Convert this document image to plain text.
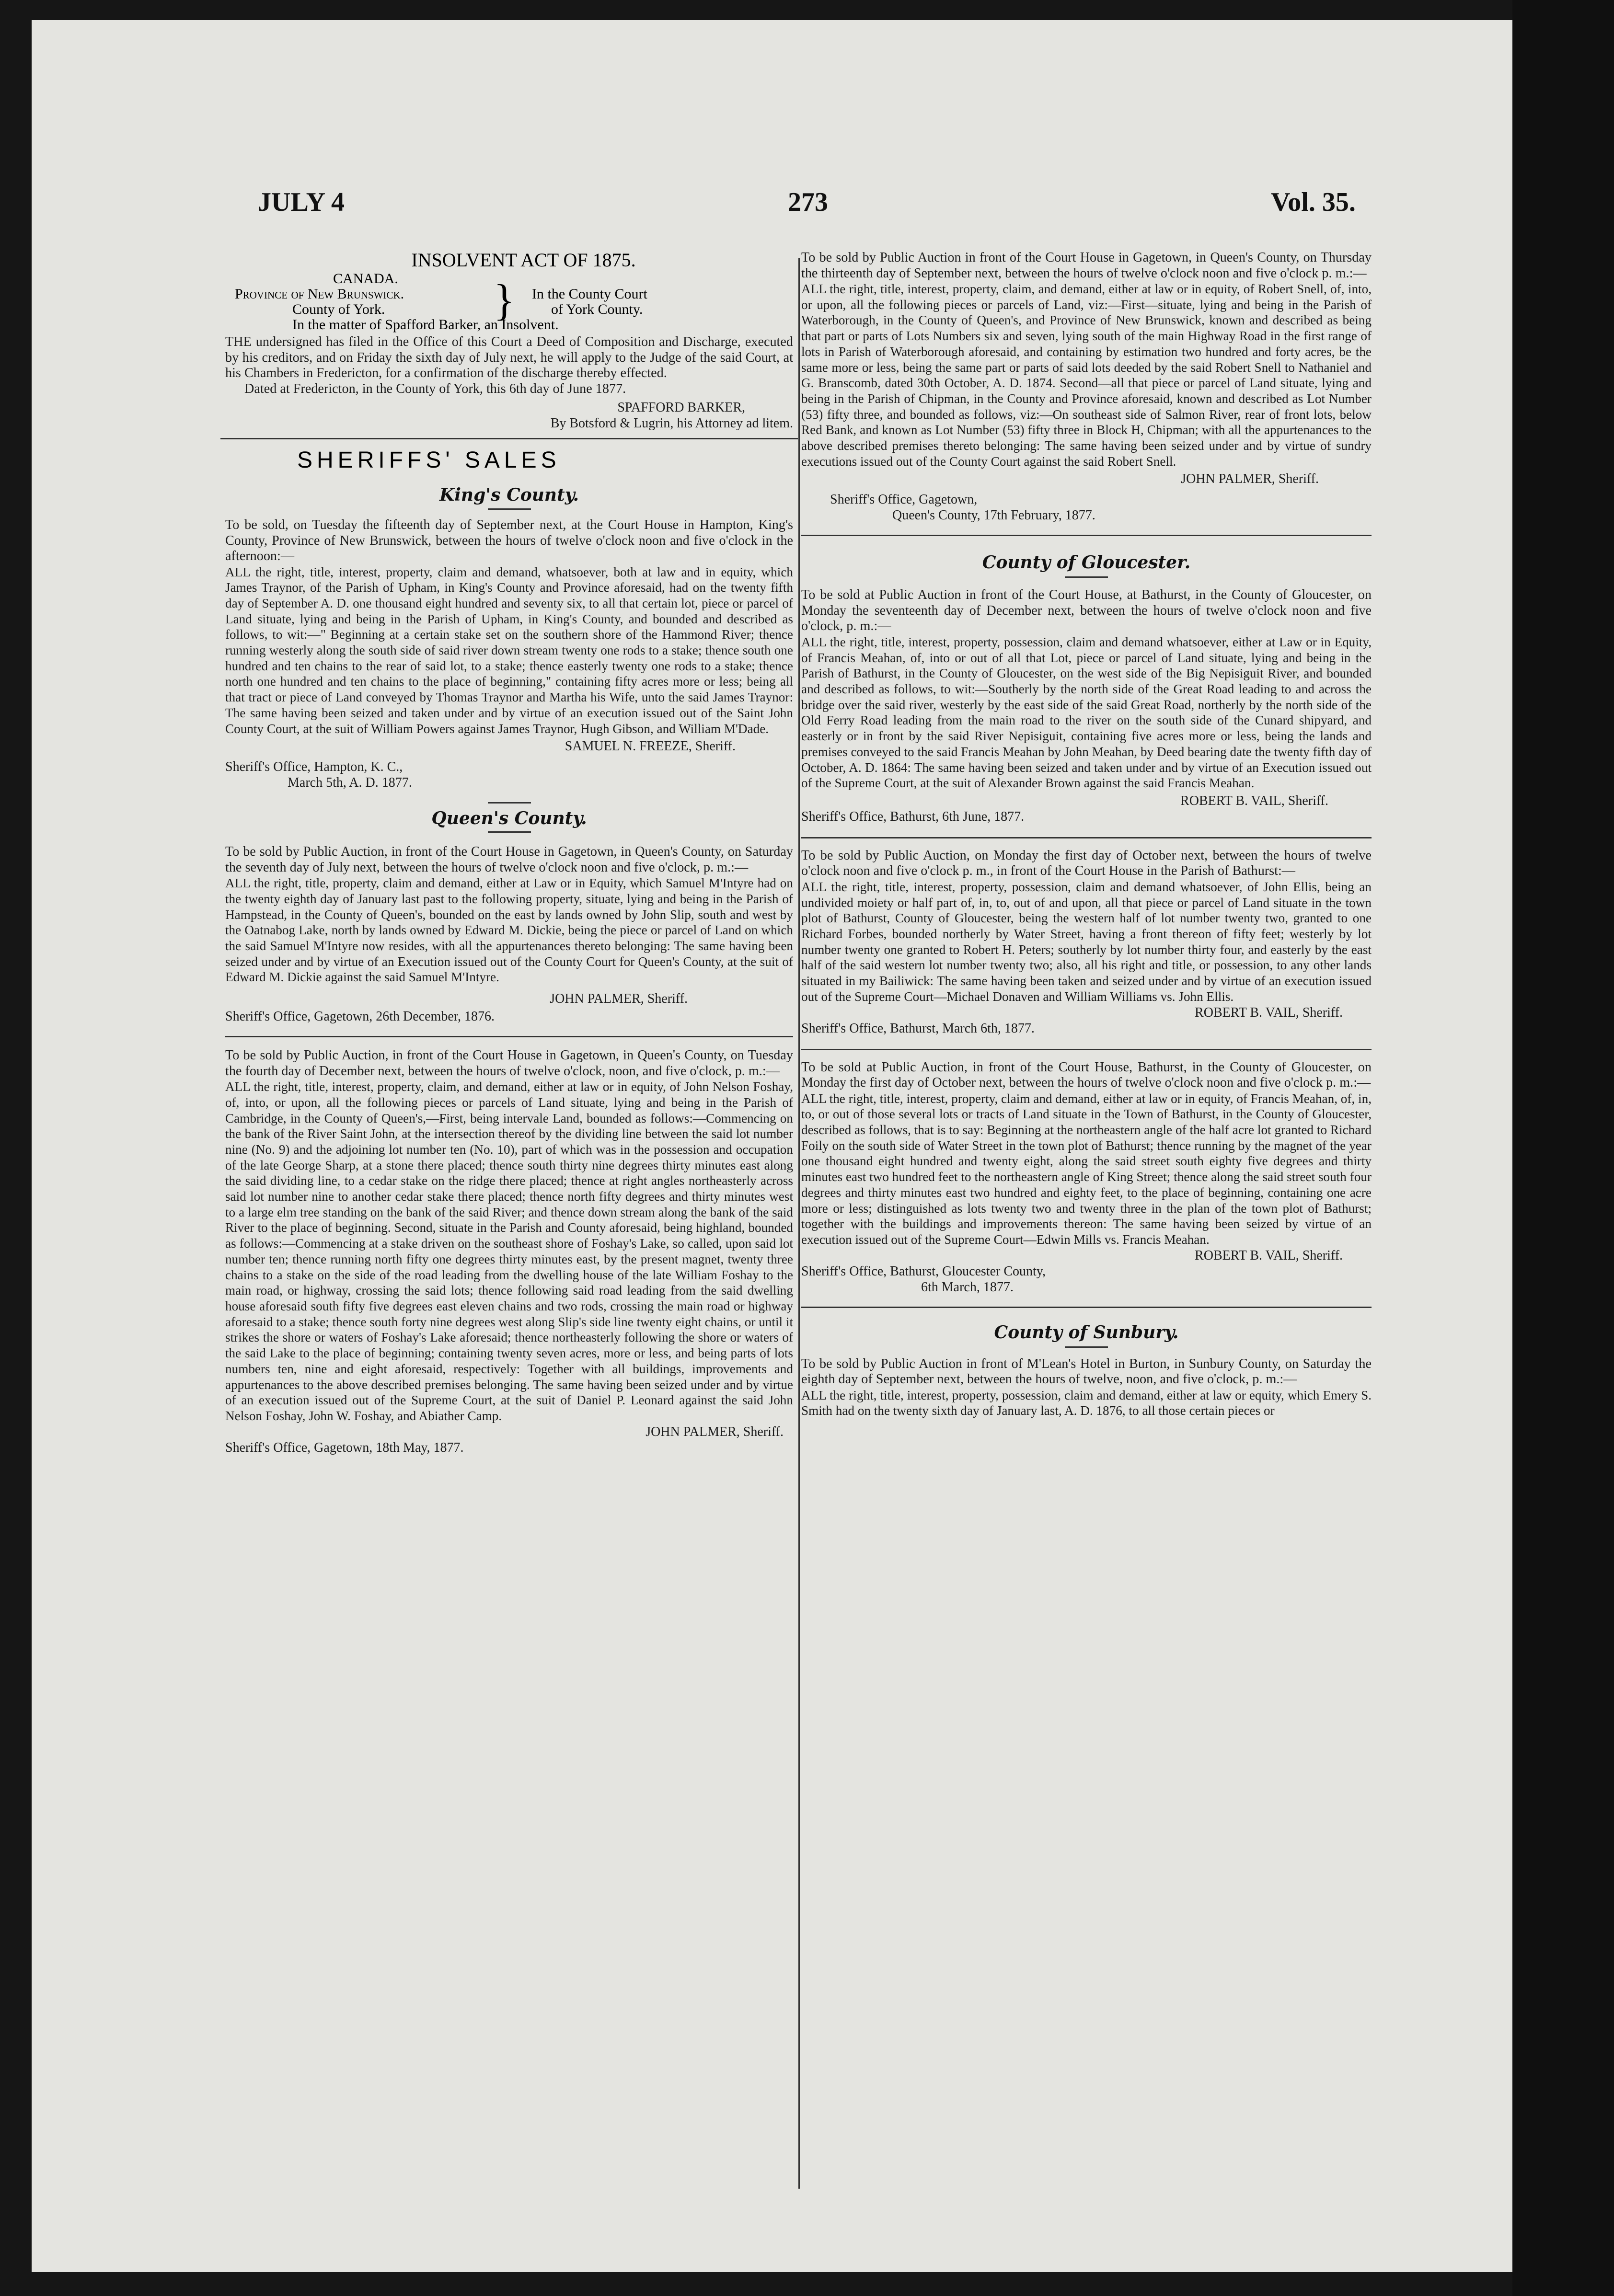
JULY 4	273	Vol. 35.
INSOLVENT ACT OF 1875.
CANADA.
Province of New Brunswick.
County of York. } In the County Court
of York County.
In the matter of Spafford Barker, an Insolvent.

THE undersigned has filed in the Office of this Court a Deed of Composition and Discharge, executed by his creditors, and on Friday the sixth day of July next, he will apply to the Judge of the said Court, at his Chambers in Fredericton, for a confirmation of the discharge thereby effected.

Dated at Fredericton, in the County of York, this 6th day of June 1877.

SPAFFORD BARKER,
By Botsford & Lugrin, his Attorney ad litem.
SHERIFFS' SALES
King's County.

To be sold, on Tuesday the fifteenth day of September next, at the Court House in Hampton, King's County, Province of New Brunswick, between the hours of twelve o'clock noon and five o'clock in the afternoon:—

ALL the right, title, interest, property, claim and demand, whatsoever, both at law and in equity, which James Traynor, of the Parish of Upham, in King's County and Province aforesaid, had on the twenty fifth day of September A. D. one thousand eight hundred and seventy six, to all that certain lot, piece or parcel of Land situate, lying and being in the Parish of Upham, in King's County, and bounded and described as follows, to wit:—" Beginning at a certain stake set on the southern shore of the Hammond River; thence running westerly along the south side of said river down stream twenty one rods to a stake; thence south one hundred and ten chains to the rear of said lot, to a stake; thence easterly twenty one rods to a stake; thence north one hundred and ten chains to the place of beginning," containing fifty acres more or less; being all that tract or piece of Land conveyed by Thomas Traynor and Martha his Wife, unto the said James Traynor: The same having been seized and taken under and by virtue of an execution issued out of the Saint John County Court, at the suit of William Powers against James Traynor, Hugh Gibson, and William M'Dade.

SAMUEL N. FREEZE, Sheriff.
Sheriff's Office, Hampton, K. C.,
March 5th, A. D. 1877.
Queen's County.

To be sold by Public Auction, in front of the Court House in Gagetown, in Queen's County, on Saturday the seventh day of July next, between the hours of twelve o'clock noon and five o'clock, p. m.:—

ALL the right, title, property, claim and demand, either at Law or in Equity, which Samuel M'Intyre had on the twenty eighth day of January last past to the following property, situate, lying and being in the Parish of Hampstead, in the County of Queen's, bounded on the east by lands owned by John Slip, south and west by the Oatnabog Lake, north by lands owned by Edward M. Dickie, being the piece or parcel of Land on which the said Samuel M'Intyre now resides, with all the appurtenances thereto belonging: The same having been seized under and by virtue of an Execution issued out of the County Court for Queen's County, at the suit of Edward M. Dickie against the said Samuel M'Intyre.

JOHN PALMER, Sheriff.
Sheriff's Office, Gagetown, 26th December, 1876.

To be sold by Public Auction, in front of the Court House in Gagetown, in Queen's County, on Tuesday the fourth day of December next, between the hours of twelve o'clock, noon, and five o'clock, p. m.:—

ALL the right, title, interest, property, claim, and demand, either at law or in equity, of John Nelson Foshay, of, into, or upon, all the following pieces or parcels of Land situate, lying and being in the Parish of Cambridge, in the County of Queen's,—First, being intervale Land, bounded as follows:—Commencing on the bank of the River Saint John, at the intersection thereof by the dividing line between the said lot number nine (No. 9) and the adjoining lot number ten (No. 10), part of which was in the possession and occupation of the late George Sharp, at a stone there placed; thence south thirty nine degrees thirty minutes east along the said dividing line, to a cedar stake on the ridge there placed; thence at right angles northeasterly across said lot number nine to another cedar stake there placed; thence north fifty degrees and thirty minutes west to a large elm tree standing on the bank of the said River; and thence down stream along the bank of the said River to the place of beginning. Second, situate in the Parish and County aforesaid, being highland, bounded as follows:—Commencing at a stake driven on the southeast shore of Foshay's Lake, so called, upon said lot number ten; thence running north fifty one degrees thirty minutes east, by the present magnet, twenty three chains to a stake on the side of the road leading from the dwelling house of the late William Foshay to the main road, or highway, crossing the said lots; thence following said road leading from the said dwelling house aforesaid south fifty five degrees east eleven chains and two rods, crossing the main road or highway aforesaid to a stake; thence south forty nine degrees west along Slip's side line twenty eight chains, or until it strikes the shore or waters of Foshay's Lake aforesaid; thence northeasterly following the shore or waters of the said Lake to the place of beginning; containing twenty seven acres, more or less, and being parts of lots numbers ten, nine and eight aforesaid, respectively: Together with all buildings, improvements and appurtenances to the above described premises belonging. The same having been seized under and by virtue of an execution issued out of the Supreme Court, at the suit of Daniel P. Leonard against the said John Nelson Foshay, John W. Foshay, and Abiather Camp.

JOHN PALMER, Sheriff.
Sheriff's Office, Gagetown, 18th May, 1877.

To be sold by Public Auction in front of the Court House in Gagetown, in Queen's County, on Thursday the thirteenth day of September next, between the hours of twelve o'clock noon and five o'clock p. m.:—

ALL the right, title, interest, property, claim, and demand, either at law or in equity, of Robert Snell, of, into, or upon, all the following pieces or parcels of Land, viz:—First—situate, lying and being in the Parish of Waterborough, in the County of Queen's, and Province of New Brunswick, known and described as being that part or parts of Lots Numbers six and seven, lying south of the main Highway Road in the first range of lots in Parish of Waterborough aforesaid, and containing by estimation two hundred and forty acres, be the same more or less, being the same part or parts of said lots deeded by the said Robert Snell to Nathaniel and G. Branscomb, dated 30th October, A. D. 1874. Second—all that piece or parcel of Land situate, lying and being in the Parish of Chipman, in the County and Province aforesaid, known and described as Lot Number (53) fifty three, and bounded as follows, viz:—On southeast side of Salmon River, rear of front lots, below Red Bank, and known as Lot Number (53) fifty three in Block H, Chipman; with all the appurtenances to the above described premises thereto belonging: The same having been seized under and by virtue of sundry executions issued out of the County Court against the said Robert Snell.

JOHN PALMER, Sheriff.
Sheriff's Office, Gagetown,
Queen's County, 17th February, 1877.
County of Gloucester.

To be sold at Public Auction in front of the Court House, at Bathurst, in the County of Gloucester, on Monday the seventeenth day of December next, between the hours of twelve o'clock noon and five o'clock, p. m.:—

ALL the right, title, interest, property, possession, claim and demand whatsoever, either at Law or in Equity, of Francis Meahan, of, into or out of all that Lot, piece or parcel of Land situate, lying and being in the Parish of Bathurst, in the County of Gloucester, on the west side of the Big Nepisiguit River, and bounded and described as follows, to wit:—Southerly by the north side of the Great Road leading to and across the bridge over the said river, westerly by the east side of the said Great Road, northerly by the north side of the Old Ferry Road leading from the main road to the river on the south side of the Cunard shipyard, and easterly or in front by the said River Nepisiguit, containing five acres more or less, being the lands and premises conveyed to the said Francis Meahan by John Meahan, by Deed bearing date the twenty fifth day of October, A. D. 1864: The same having been seized and taken under and by virtue of an Execution issued out of the Supreme Court, at the suit of Alexander Brown against the said Francis Meahan.

ROBERT B. VAIL, Sheriff.
Sheriff's Office, Bathurst, 6th June, 1877.

To be sold by Public Auction, on Monday the first day of October next, between the hours of twelve o'clock noon and five o'clock p. m., in front of the Court House in the Parish of Bathurst:—

ALL the right, title, interest, property, possession, claim and demand whatsoever, of John Ellis, being an undivided moiety or half part of, in, to, out of and upon, all that piece or parcel of Land situate in the town plot of Bathurst, County of Gloucester, being the western half of lot number twenty two, granted to one Richard Forbes, bounded northerly by Water Street, having a front thereon of fifty feet; westerly by lot number twenty one granted to Robert H. Peters; southerly by lot number thirty four, and easterly by the east half of the said western lot number twenty two; also, all his right and title, or possession, to any other lands situated in my Bailiwick: The same having been taken and seized under and by virtue of an execution issued out of the Supreme Court—Michael Donaven and William Williams vs. John Ellis.

ROBERT B. VAIL, Sheriff.
Sheriff's Office, Bathurst, March 6th, 1877.

To be sold at Public Auction, in front of the Court House, Bathurst, in the County of Gloucester, on Monday the first day of October next, between the hours of twelve o'clock noon and five o'clock p. m.:—

ALL the right, title, interest, property, claim and demand, either at law or in equity, of Francis Meahan, of, in, to, or out of those several lots or tracts of Land situate in the Town of Bathurst, in the County of Gloucester, described as follows, that is to say: Beginning at the northeastern angle of the half acre lot granted to Richard Foily on the south side of Water Street in the town plot of Bathurst; thence running by the magnet of the year one thousand eight hundred and twenty eight, along the said street south eighty five degrees and thirty minutes east two hundred feet to the northeastern angle of King Street; thence along the said street south four degrees and thirty minutes east two hundred and eighty feet, to the place of beginning, containing one acre more or less; distinguished as lots twenty two and twenty three in the plan of the town plot of Bathurst; together with the buildings and improvements thereon: The same having been seized by virtue of an execution issued out of the Supreme Court—Edwin Mills vs. Francis Meahan.

ROBERT B. VAIL, Sheriff.
Sheriff's Office, Bathurst, Gloucester County,
6th March, 1877.
County of Sunbury.

To be sold by Public Auction in front of M'Lean's Hotel in Burton, in Sunbury County, on Saturday the eighth day of September next, between the hours of twelve, noon, and five o'clock, p. m.:—

ALL the right, title, interest, property, possession, claim and demand, either at law or equity, which Emery S. Smith had on the twenty sixth day of January last, A. D. 1876, to all those certain pieces or
